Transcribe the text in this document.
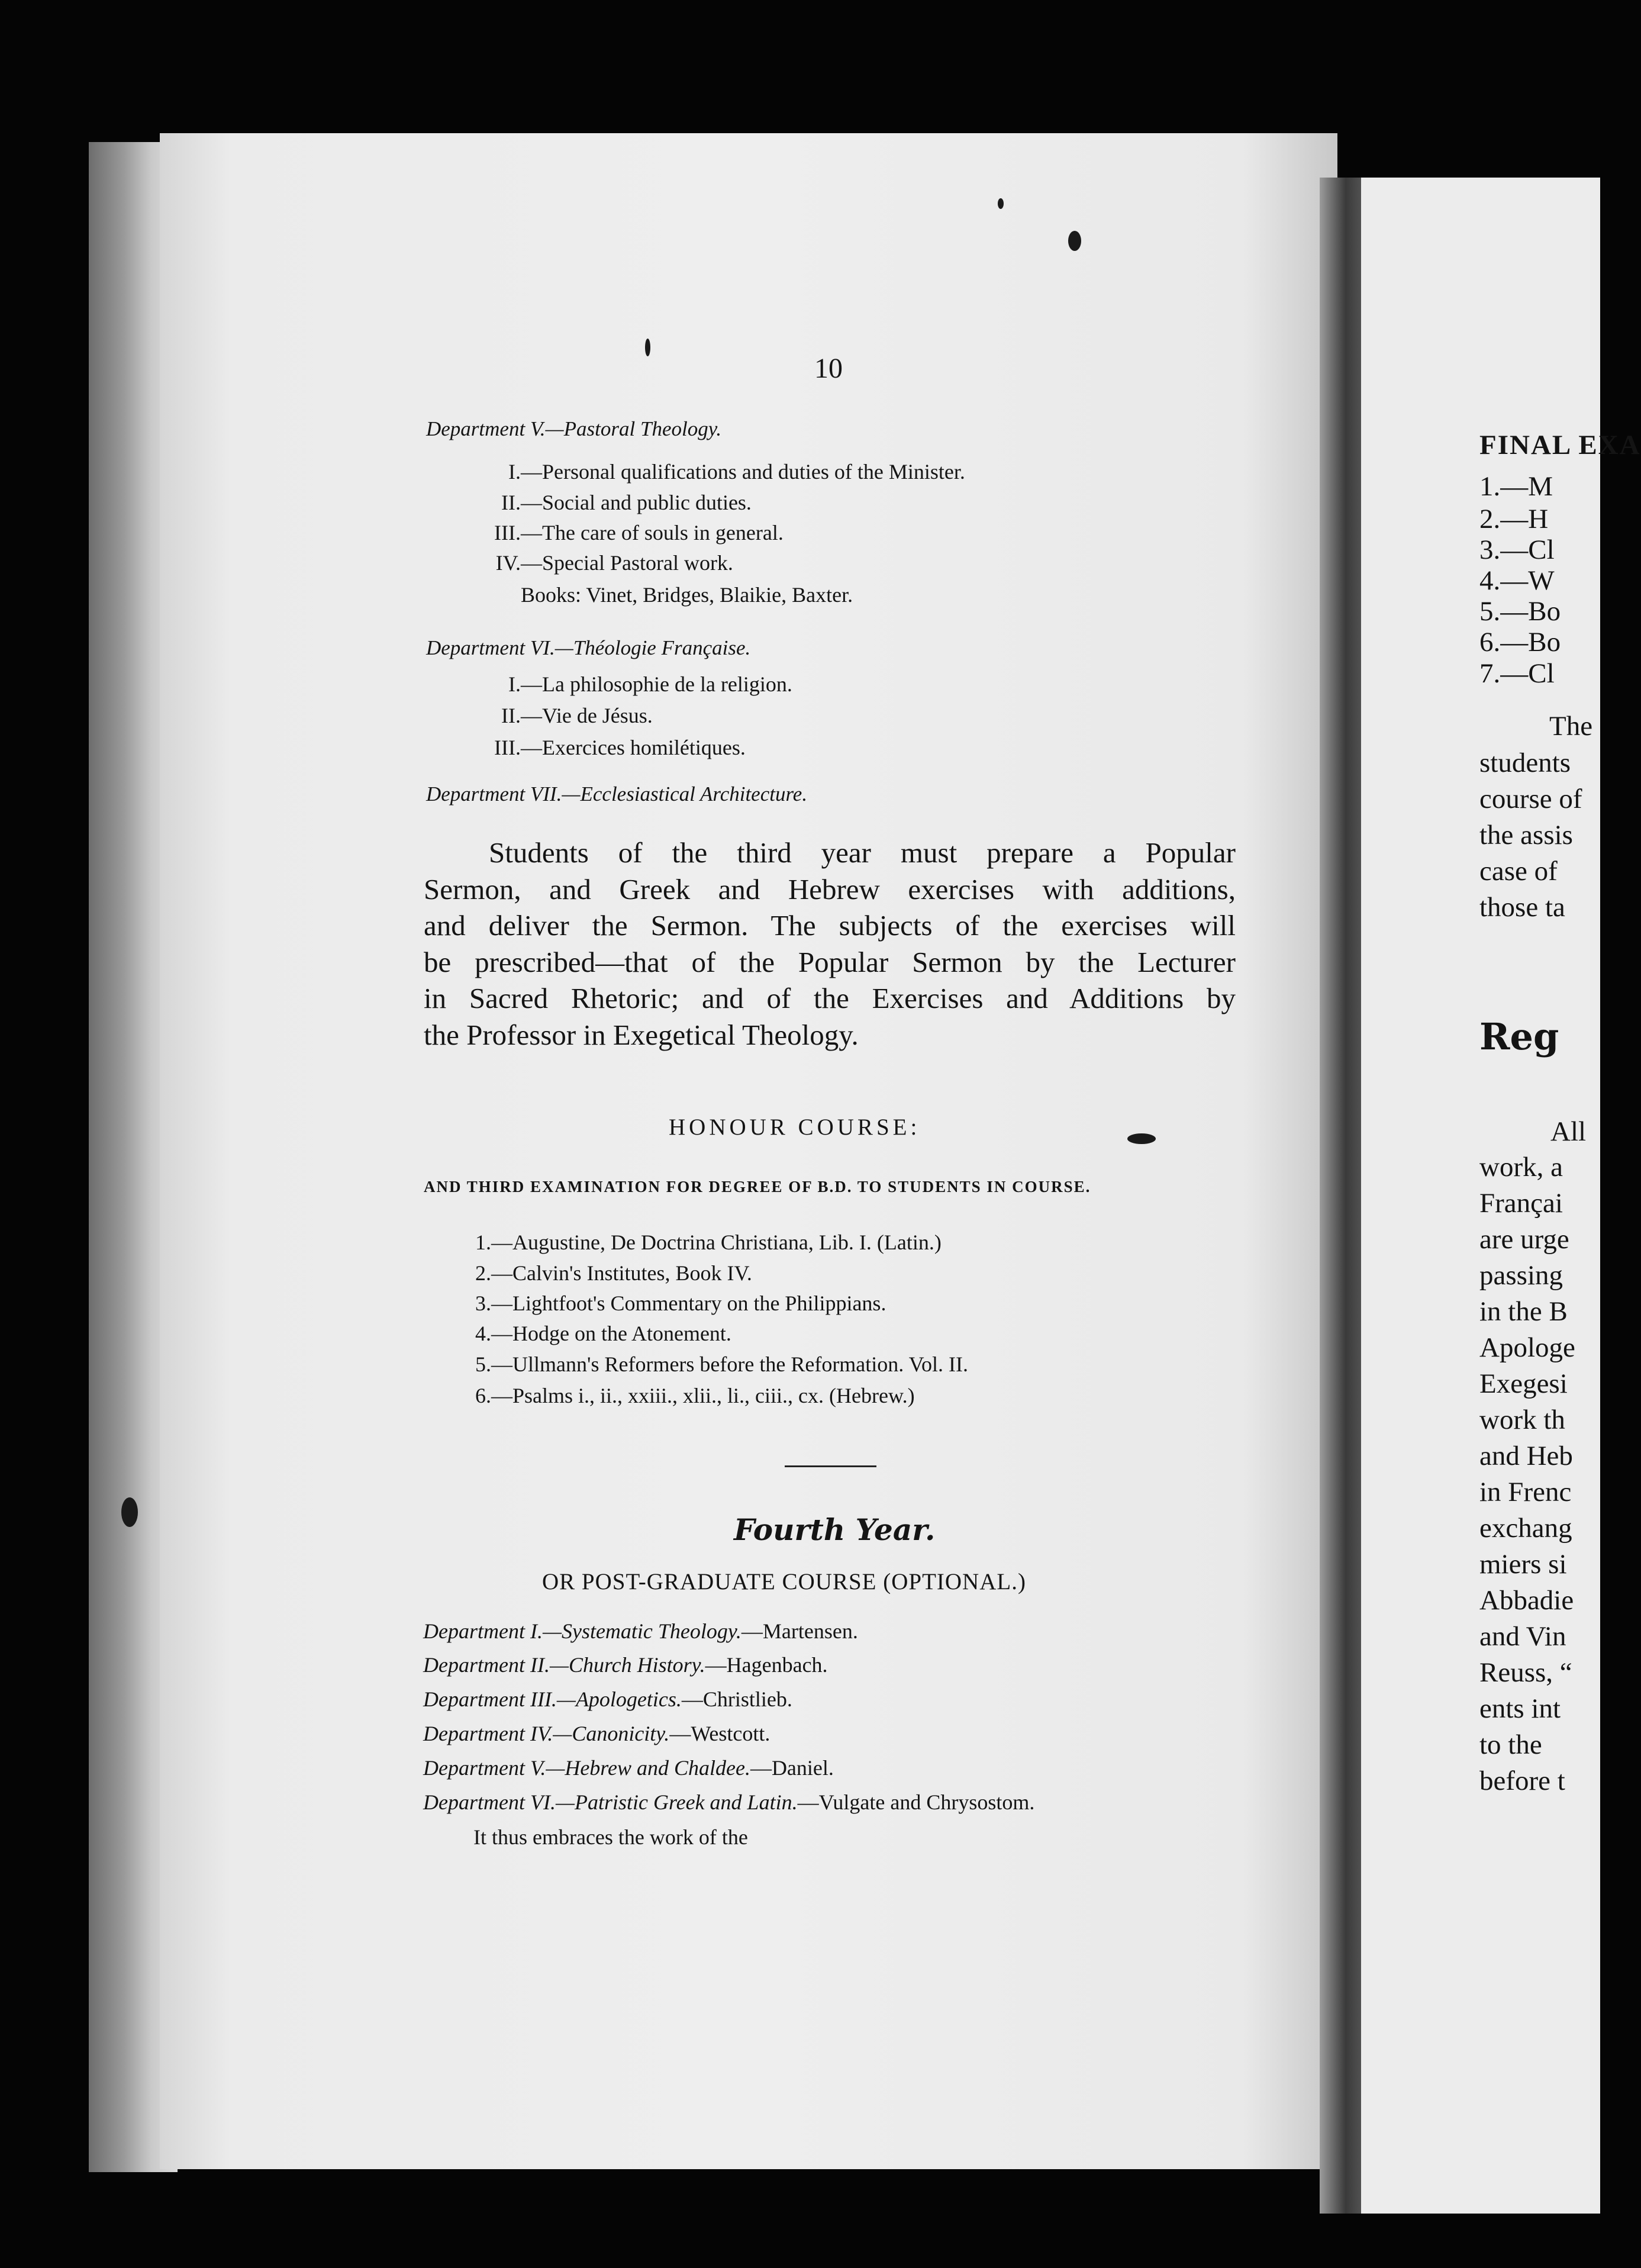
FINAL EXA
1.—M
2.—H
3.—Cl
4.—W
5.—Bo
6.—Bo
7.—Cl
The
students
course of
the assis
case of
those ta
Reg
All
work, a
Françai
are urge
passing
in the B
Apologe
Exegesi
work th
and Heb
in Frenc
exchang
miers si
Abbadie
and Vin
Reuss, “
ents int
to the
before t
10
Department V.—Pastoral Theology.
I.—Personal qualifications and duties of the Minister.
II.—Social and public duties.
III.—The care of souls in general.
IV.—Special Pastoral work.
Books: Vinet, Bridges, Blaikie, Baxter.
Department VI.—Théologie Française.
I.—La philosophie de la religion.
II.—Vie de Jésus.
III.—Exercices homilétiques.
Department VII.—Ecclesiastical Architecture.
Students of the third year must prepare a Popular
Sermon, and Greek and Hebrew exercises with additions,
and deliver the Sermon. The subjects of the exercises will
be prescribed—that of the Popular Sermon by the Lecturer
in Sacred Rhetoric; and of the Exercises and Additions by
the Professor in Exegetical Theology.
HONOUR COURSE:
AND THIRD EXAMINATION FOR DEGREE OF B.D. TO STUDENTS IN COURSE.
1.—Augustine, De Doctrina Christiana, Lib. I. (Latin.)
2.—Calvin's Institutes, Book IV.
3.—Lightfoot's Commentary on the Philippians.
4.—Hodge on the Atonement.
5.—Ullmann's Reformers before the Reformation. Vol. II.
6.—Psalms i., ii., xxiii., xlii., li., ciii., cx. (Hebrew.)
Fourth Year.
OR POST-GRADUATE COURSE (OPTIONAL.)
Department I.—Systematic Theology.—Martensen.
Department II.—Church History.—Hagenbach.
Department III.—Apologetics.—Christlieb.
Department IV.—Canonicity.—Westcott.
Department V.—Hebrew and Chaldee.—Daniel.
Department VI.—Patristic Greek and Latin.—Vulgate and Chrysostom.
It thus embraces the work of the
